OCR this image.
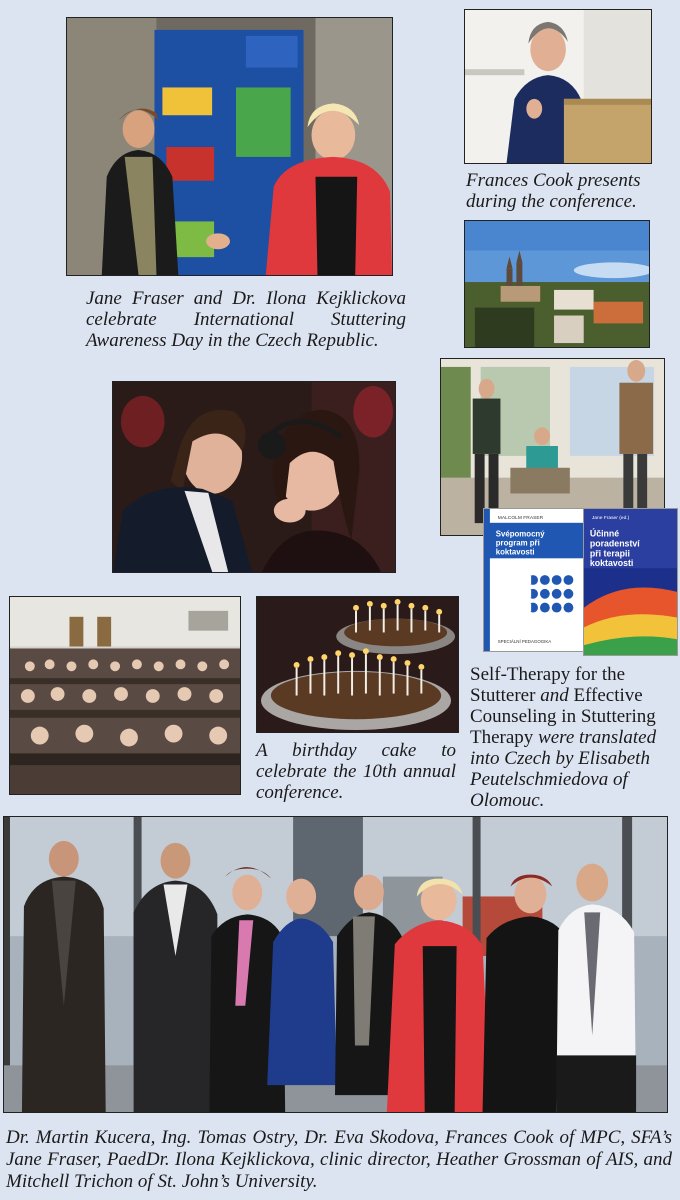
Jane Fraser and Dr. Ilona Kejklickova celebrate International Stuttering Awareness Day in the Czech Republic.
Frances Cook presents during the conference.
MALCOLM FRASER
Svépomocný
program při
koktavosti
SPECIÁLNÍ PEDAGOGIKA
Jane Fraser (ed.)
Účinné
poradenství
při terapii
koktavosti
A birthday cake to celebrate the 10th annual conference.
Self-Therapy for the Stutterer and Effective Counseling in Stuttering Therapy were translated into Czech by Elisabeth Peutelschmiedova of Olomouc.
Dr. Martin Kucera, Ing. Tomas Ostry, Dr. Eva Skodova, Frances Cook of MPC, SFA’s Jane Fraser, PaedDr. Ilona Kejklickova, clinic director, Heather Grossman of AIS, and Mitchell Trichon of St. John’s University.
